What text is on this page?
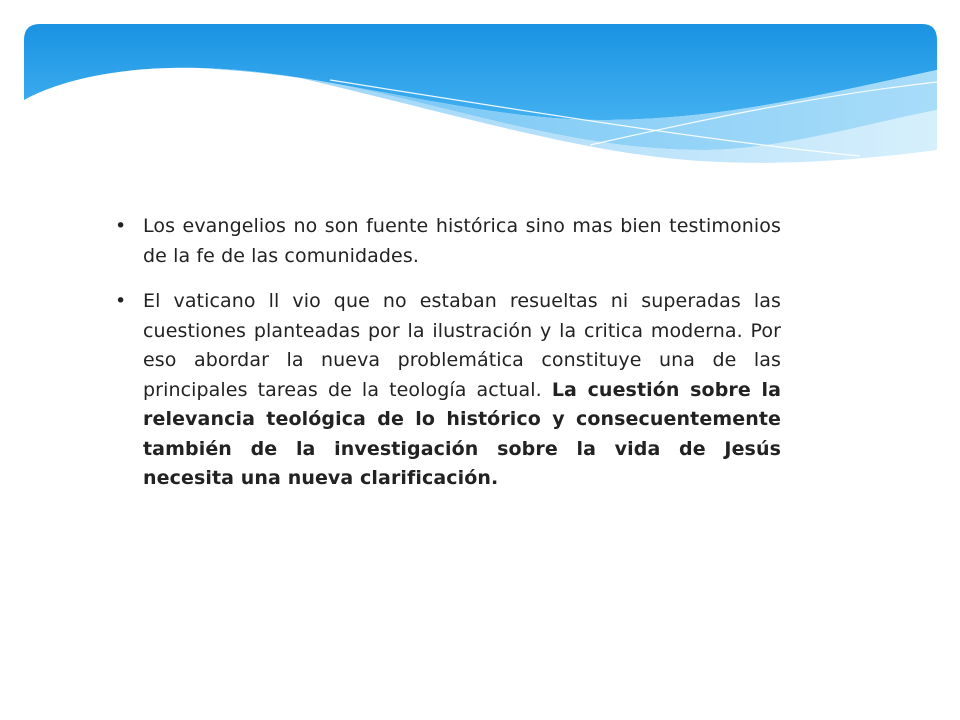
• Los evangelios no son fuente histórica sino mas bien testimonios de la fe de las comunidades.
• El vaticano ll vio que no estaban resueltas ni superadas las cuestiones planteadas por la ilustración y la critica moderna. Por eso abordar la nueva problemática constituye una de las principales tareas de la teología actual. La cuestión sobre la relevancia teológica de lo histórico y consecuentemente también de la investigación sobre la vida de Jesús necesita una nueva clarificación.
